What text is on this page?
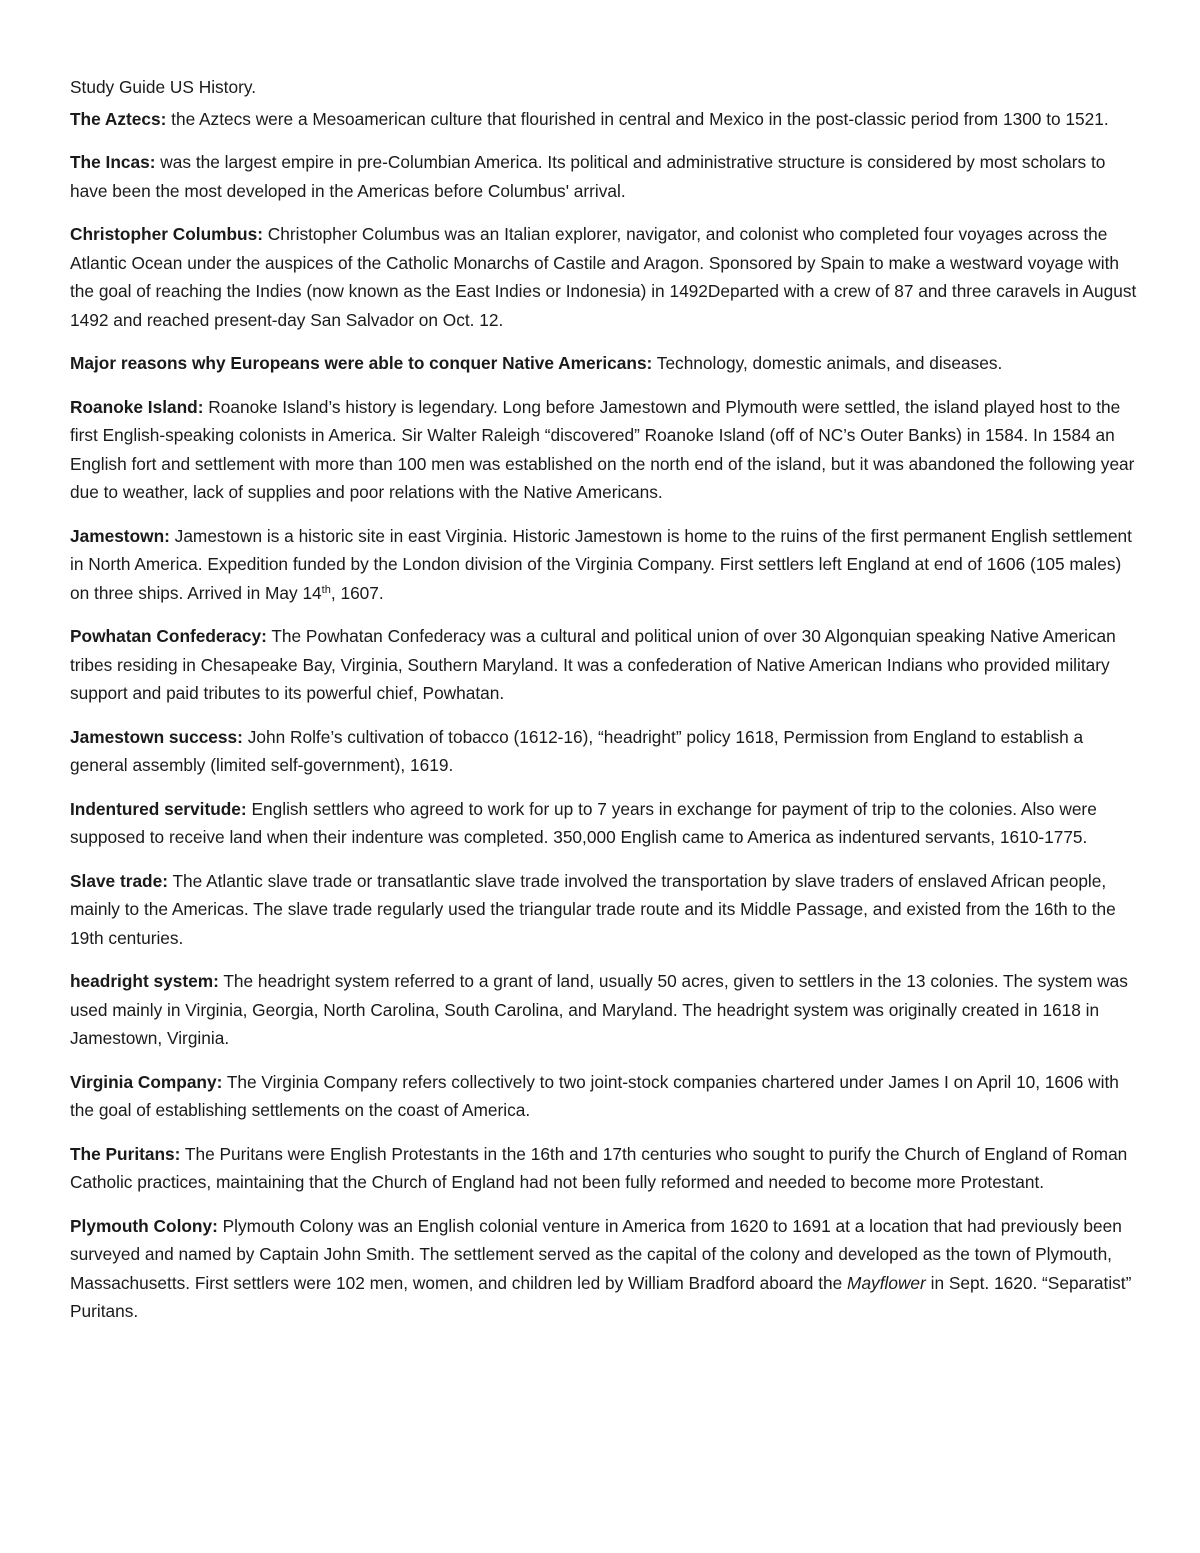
Study Guide US History.

The Aztecs: the Aztecs were a Mesoamerican culture that flourished in central and Mexico in the post-classic period from 1300 to 1521.

The Incas: was the largest empire in pre-Columbian America. Its political and administrative structure is considered by most scholars to have been the most developed in the Americas before Columbus' arrival.

Christopher Columbus: Christopher Columbus was an Italian explorer, navigator, and colonist who completed four voyages across the Atlantic Ocean under the auspices of the Catholic Monarchs of Castile and Aragon. Sponsored by Spain to make a westward voyage with the goal of reaching the Indies (now known as the East Indies or Indonesia) in 1492Departed with a crew of 87 and three caravels in August 1492 and reached present-day San Salvador on Oct. 12.

Major reasons why Europeans were able to conquer Native Americans: Technology, domestic animals, and diseases.

Roanoke Island: Roanoke Island’s history is legendary. Long before Jamestown and Plymouth were settled, the island played host to the first English-speaking colonists in America. Sir Walter Raleigh “discovered” Roanoke Island (off of NC’s Outer Banks) in 1584. In 1584 an English fort and settlement with more than 100 men was established on the north end of the island, but it was abandoned the following year due to weather, lack of supplies and poor relations with the Native Americans.

Jamestown: Jamestown is a historic site in east Virginia. Historic Jamestown is home to the ruins of the first permanent English settlement in North America. Expedition funded by the London division of the Virginia Company. First settlers left England at end of 1606 (105 males) on three ships. Arrived in May 14th, 1607.

Powhatan Confederacy: The Powhatan Confederacy was a cultural and political union of over 30 Algonquian speaking Native American tribes residing in Chesapeake Bay, Virginia, Southern Maryland. It was a confederation of Native American Indians who provided military support and paid tributes to its powerful chief, Powhatan.

Jamestown success: John Rolfe’s cultivation of tobacco (1612-16), “headright” policy 1618, Permission from England to establish a general assembly (limited self-government), 1619.

Indentured servitude: English settlers who agreed to work for up to 7 years in exchange for payment of trip to the colonies. Also were supposed to receive land when their indenture was completed. 350,000 English came to America as indentured servants, 1610-1775.

Slave trade: The Atlantic slave trade or transatlantic slave trade involved the transportation by slave traders of enslaved African people, mainly to the Americas. The slave trade regularly used the triangular trade route and its Middle Passage, and existed from the 16th to the 19th centuries.

headright system: The headright system referred to a grant of land, usually 50 acres, given to settlers in the 13 colonies. The system was used mainly in Virginia, Georgia, North Carolina, South Carolina, and Maryland. The headright system was originally created in 1618 in Jamestown, Virginia.

Virginia Company: The Virginia Company refers collectively to two joint-stock companies chartered under James I on April 10, 1606 with the goal of establishing settlements on the coast of America.

The Puritans: The Puritans were English Protestants in the 16th and 17th centuries who sought to purify the Church of England of Roman Catholic practices, maintaining that the Church of England had not been fully reformed and needed to become more Protestant.

Plymouth Colony: Plymouth Colony was an English colonial venture in America from 1620 to 1691 at a location that had previously been surveyed and named by Captain John Smith. The settlement served as the capital of the colony and developed as the town of Plymouth, Massachusetts. First settlers were 102 men, women, and children led by William Bradford aboard the Mayflower in Sept. 1620. “Separatist” Puritans.
